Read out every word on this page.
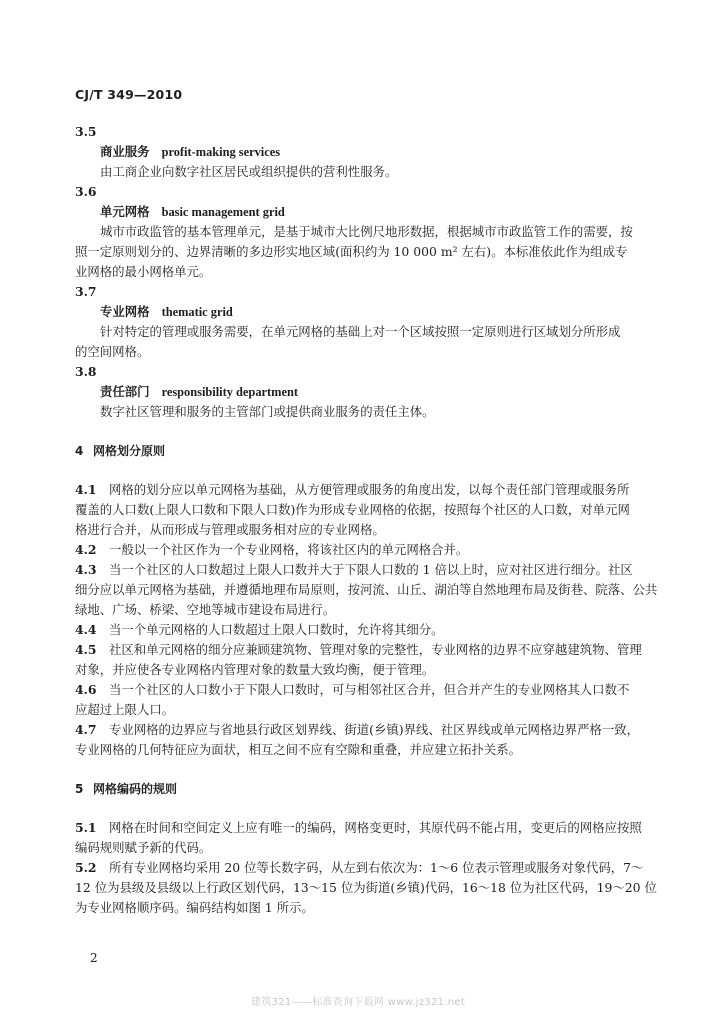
CJ/T 349—2010
3.5
商业服务 profit-making services
由工商企业向数字社区居民或组织提供的营利性服务。
3.6
单元网格 basic management grid
城市市政监管的基本管理单元，是基于城市大比例尺地形数据，根据城市市政监管工作的需要，按
照一定原则划分的、边界清晰的多边形实地区域(面积约为 10 000 m² 左右)。本标准依此作为组成专
业网格的最小网格单元。
3.7
专业网格 thematic grid
针对特定的管理或服务需要，在单元网格的基础上对一个区域按照一定原则进行区域划分所形成
的空间网格。
3.8
责任部门 responsibility department
数字社区管理和服务的主管部门或提供商业服务的责任主体。
4 网格划分原则
4.1  网格的划分应以单元网格为基础，从方便管理或服务的角度出发，以每个责任部门管理或服务所
覆盖的人口数(上限人口数和下限人口数)作为形成专业网格的依据，按照每个社区的人口数，对单元网
格进行合并，从而形成与管理或服务相对应的专业网格。
4.2  一般以一个社区作为一个专业网格，将该社区内的单元网格合并。
4.3  当一个社区的人口数超过上限人口数并大于下限人口数的 1 倍以上时，应对社区进行细分。社区
细分应以单元网格为基础，并遵循地理布局原则，按河流、山丘、湖泊等自然地理布局及街巷、院落、公共
绿地、广场、桥梁、空地等城市建设布局进行。
4.4  当一个单元网格的人口数超过上限人口数时，允许将其细分。
4.5  社区和单元网格的细分应兼顾建筑物、管理对象的完整性，专业网格的边界不应穿越建筑物、管理
对象，并应使各专业网格内管理对象的数量大致均衡，便于管理。
4.6  当一个社区的人口数小于下限人口数时，可与相邻社区合并，但合并产生的专业网格其人口数不
应超过上限人口。
4.7  专业网格的边界应与省地县行政区划界线、街道(乡镇)界线、社区界线或单元网格边界严格一致，
专业网格的几何特征应为面状，相互之间不应有空隙和重叠，并应建立拓扑关系。
5 网格编码的规则
5.1  网格在时间和空间定义上应有唯一的编码，网格变更时，其原代码不能占用，变更后的网格应按照
编码规则赋予新的代码。
5.2  所有专业网格均采用 20 位等长数字码，从左到右依次为：1～6 位表示管理或服务对象代码，7～
12 位为县级及县级以上行政区划代码，13～15 位为街道(乡镇)代码，16～18 位为社区代码，19～20 位
为专业网格顺序码。编码结构如图 1 所示。
2
建筑321——标准查询下载网 www.jz321.net
